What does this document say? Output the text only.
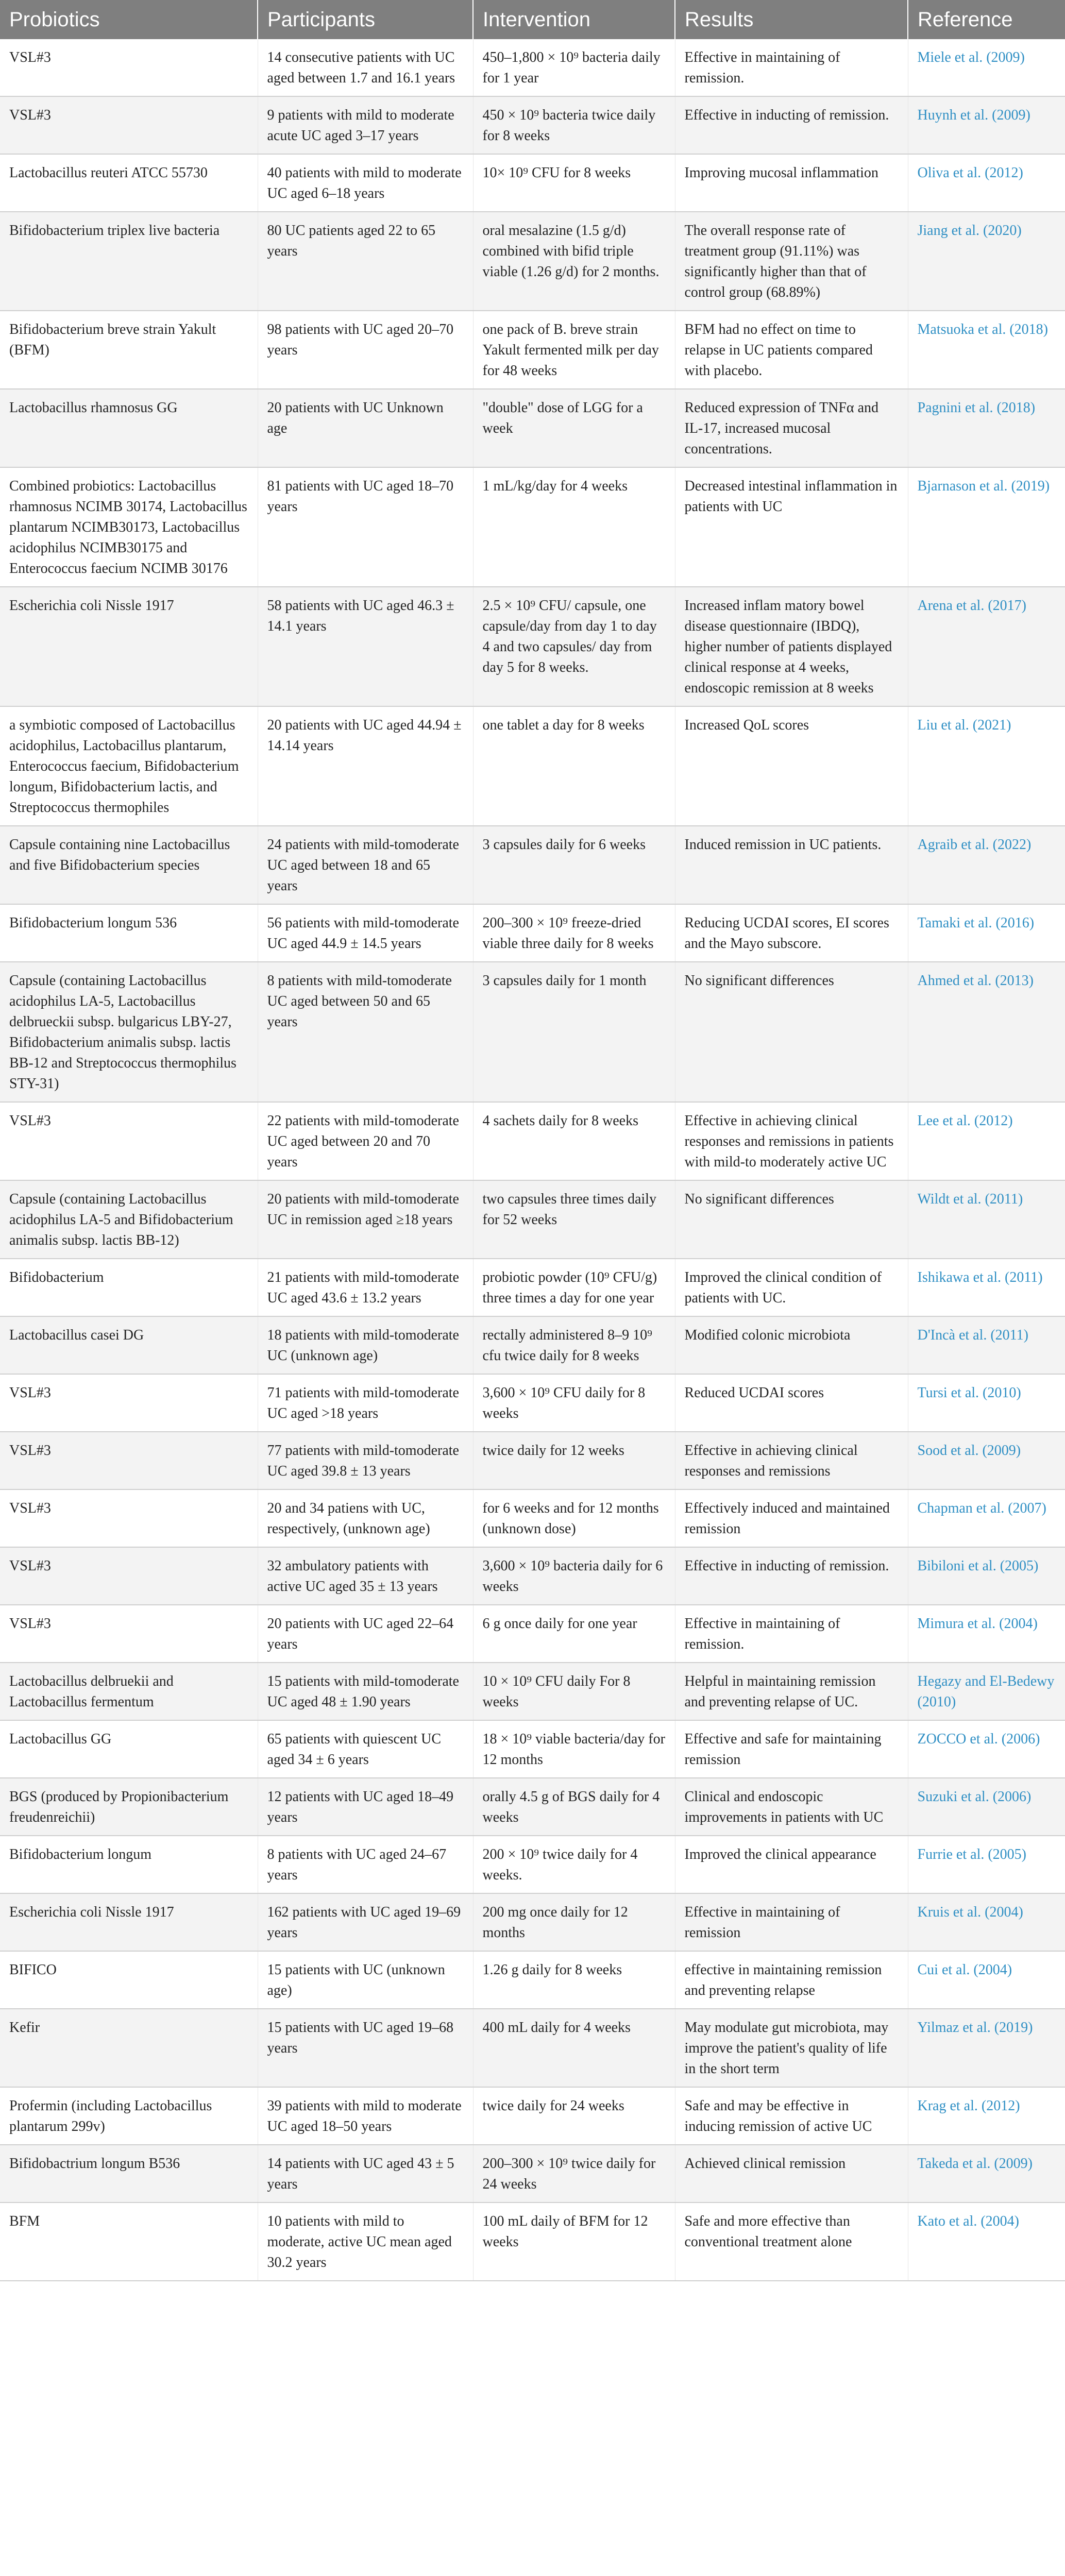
Probiotics	Participants	Intervention	Results	Reference
VSL#3	14 consecutive patients with UC aged between 1.7 and 16.1 years	450–1,800 × 10⁹ bacteria daily for 1 year	Effective in maintaining of remission.	Miele et al. (2009)
VSL#3	9 patients with mild to moderate acute UC aged 3–17 years	450 × 10⁹ bacteria twice daily for 8 weeks	Effective in inducting of remission.	Huynh et al. (2009)
Lactobacillus reuteri ATCC 55730	40 patients with mild to moderate UC aged 6–18 years	10× 10⁹ CFU for 8 weeks	Improving mucosal inflammation	Oliva et al. (2012)
Bifidobacterium triplex live bacteria	80 UC patients aged 22 to 65 years	oral mesalazine (1.5 g/d) combined with bifid triple viable (1.26 g/d) for 2 months.	The overall response rate of treatment group (91.11%) was significantly higher than that of control group (68.89%)	Jiang et al. (2020)
Bifidobacterium breve strain Yakult (BFM)	98 patients with UC aged 20–70 years	one pack of B. breve strain Yakult fermented milk per day for 48 weeks	BFM had no effect on time to relapse in UC patients compared with placebo.	Matsuoka et al. (2018)
Lactobacillus rhamnosus GG	20 patients with UC Unknown age	"double" dose of LGG for a week	Reduced expression of TNFα and IL-17, increased mucosal concentrations.	Pagnini et al. (2018)
Combined probiotics: Lactobacillus rhamnosus NCIMB 30174, Lactobacillus plantarum NCIMB30173, Lactobacillus acidophilus NCIMB30175 and Enterococcus faecium NCIMB 30176	81 patients with UC aged 18–70 years	1 mL/kg/day for 4 weeks	Decreased intestinal inflammation in patients with UC	Bjarnason et al. (2019)
Escherichia coli Nissle 1917	58 patients with UC aged 46.3 ± 14.1 years	2.5 × 10⁹ CFU/ capsule, one capsule/day from day 1 to day 4 and two capsules/ day from day 5 for 8 weeks.	Increased inflam matory bowel disease questionnaire (IBDQ), higher number of patients displayed clinical response at 4 weeks, endoscopic remission at 8 weeks	Arena et al. (2017)
a symbiotic composed of Lactobacillus acidophilus, Lactobacillus plantarum, Enterococcus faecium, Bifidobacterium longum, Bifidobacterium lactis, and Streptococcus thermophiles	20 patients with UC aged 44.94 ± 14.14 years	one tablet a day for 8 weeks	Increased QoL scores	Liu et al. (2021)
Capsule containing nine Lactobacillus and five Bifidobacterium species	24 patients with mild-tomoderate UC aged between 18 and 65 years	3 capsules daily for 6 weeks	Induced remission in UC patients.	Agraib et al. (2022)
Bifidobacterium longum 536	56 patients with mild-tomoderate UC aged 44.9 ± 14.5 years	200–300 × 10⁹ freeze-dried viable three daily for 8 weeks	Reducing UCDAI scores, EI scores and the Mayo subscore.	Tamaki et al. (2016)
Capsule (containing Lactobacillus acidophilus LA-5, Lactobacillus delbrueckii subsp. bulgaricus LBY-27, Bifidobacterium animalis subsp. lactis BB-12 and Streptococcus thermophilus STY-31)	8 patients with mild-tomoderate UC aged between 50 and 65 years	3 capsules daily for 1 month	No significant differences	Ahmed et al. (2013)
VSL#3	22 patients with mild-tomoderate UC aged between 20 and 70 years	4 sachets daily for 8 weeks	Effective in achieving clinical responses and remissions in patients with mild-to moderately active UC	Lee et al. (2012)
Capsule (containing Lactobacillus acidophilus LA-5 and Bifidobacterium animalis subsp. lactis BB-12)	20 patients with mild-tomoderate UC in remission aged ≥18 years	two capsules three times daily for 52 weeks	No significant differences	Wildt et al. (2011)
Bifidobacterium	21 patients with mild-tomoderate UC aged 43.6 ± 13.2 years	probiotic powder (10⁹ CFU/g) three times a day for one year	Improved the clinical condition of patients with UC.	Ishikawa et al. (2011)
Lactobacillus casei DG	18 patients with mild-tomoderate UC (unknown age)	rectally administered 8–9 10⁹ cfu twice daily for 8 weeks	Modified colonic microbiota	D'Incà et al. (2011)
VSL#3	71 patients with mild-tomoderate UC aged >18 years	3,600 × 10⁹ CFU daily for 8 weeks	Reduced UCDAI scores	Tursi et al. (2010)
VSL#3	77 patients with mild-tomoderate UC aged 39.8 ± 13 years	twice daily for 12 weeks	Effective in achieving clinical responses and remissions	Sood et al. (2009)
VSL#3	20 and 34 patiens with UC, respectively, (unknown age)	for 6 weeks and for 12 months (unknown dose)	Effectively induced and maintained remission	Chapman et al. (2007)
VSL#3	32 ambulatory patients with active UC aged 35 ± 13 years	3,600 × 10⁹ bacteria daily for 6 weeks	Effective in inducting of remission.	Bibiloni et al. (2005)
VSL#3	20 patients with UC aged 22–64 years	6 g once daily for one year	Effective in maintaining of remission.	Mimura et al. (2004)
Lactobacillus delbruekii and Lactobacillus fermentum	15 patients with mild-tomoderate UC aged 48 ± 1.90 years	10 × 10⁹ CFU daily For 8 weeks	Helpful in maintaining remission and preventing relapse of UC.	Hegazy and El-Bedewy (2010)
Lactobacillus GG	65 patients with quiescent UC aged 34 ± 6 years	18 × 10⁹ viable bacteria/day for 12 months	Effective and safe for maintaining remission	ZOCCO et al. (2006)
BGS (produced by Propionibacterium freudenreichii)	12 patients with UC aged 18–49 years	orally 4.5 g of BGS daily for 4 weeks	Clinical and endoscopic improvements in patients with UC	Suzuki et al. (2006)
Bifidobacterium longum	8 patients with UC aged 24–67 years	200 × 10⁹ twice daily for 4 weeks.	Improved the clinical appearance	Furrie et al. (2005)
Escherichia coli Nissle 1917	162 patients with UC aged 19–69 years	200 mg once daily for 12 months	Effective in maintaining of remission	Kruis et al. (2004)
BIFICO	15 patients with UC (unknown age)	1.26 g daily for 8 weeks	effective in maintaining remission and preventing relapse	Cui et al. (2004)
Kefir	15 patients with UC aged 19–68 years	400 mL daily for 4 weeks	May modulate gut microbiota, may improve the patient's quality of life in the short term	Yilmaz et al. (2019)
Profermin (including Lactobacillus plantarum 299v)	39 patients with mild to moderate UC aged 18–50 years	twice daily for 24 weeks	Safe and may be effective in inducing remission of active UC	Krag et al. (2012)
Bifidobactrium longum B536	14 patients with UC aged 43 ± 5 years	200–300 × 10⁹ twice daily for 24 weeks	Achieved clinical remission	Takeda et al. (2009)
BFM	10 patients with mild to moderate, active UC mean aged 30.2 years	100 mL daily of BFM for 12 weeks	Safe and more effective than conventional treatment alone	Kato et al. (2004)
